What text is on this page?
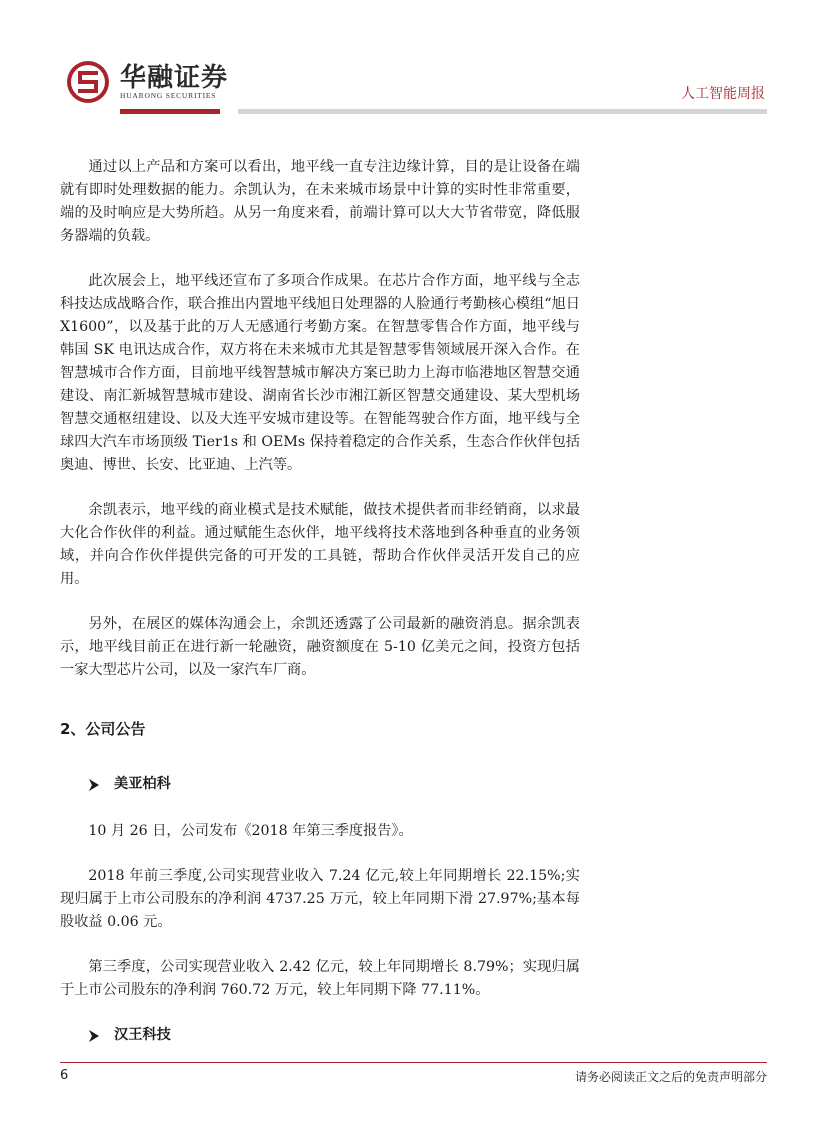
华融证券
HUARONG SECURITIES	人工智能周报

通过以上产品和方案可以看出，地平线一直专注边缘计算，目的是让设备在端就有即时处理数据的能力。余凯认为，在未来城市场景中计算的实时性非常重要，端的及时响应是大势所趋。从另一角度来看，前端计算可以大大节省带宽，降低服务器端的负载。

此次展会上，地平线还宣布了多项合作成果。在芯片合作方面，地平线与全志科技达成战略合作，联合推出内置地平线旭日处理器的人脸通行考勤核心模组“旭日 X1600”，以及基于此的万人无感通行考勤方案。在智慧零售合作方面，地平线与韩国 SK 电讯达成合作，双方将在未来城市尤其是智慧零售领域展开深入合作。在智慧城市合作方面，目前地平线智慧城市解决方案已助力上海市临港地区智慧交通建设、南汇新城智慧城市建设、湖南省长沙市湘江新区智慧交通建设、某大型机场智慧交通枢纽建设、以及大连平安城市建设等。在智能驾驶合作方面，地平线与全球四大汽车市场顶级 Tier1s 和 OEMs 保持着稳定的合作关系，生态合作伙伴包括奥迪、博世、长安、比亚迪、上汽等。

余凯表示，地平线的商业模式是技术赋能，做技术提供者而非经销商，以求最大化合作伙伴的利益。通过赋能生态伙伴，地平线将技术落地到各种垂直的业务领域，并向合作伙伴提供完备的可开发的工具链，帮助合作伙伴灵活开发自己的应用。

另外，在展区的媒体沟通会上，余凯还透露了公司最新的融资消息。据余凯表示，地平线目前正在进行新一轮融资，融资额度在 5-10 亿美元之间，投资方包括一家大型芯片公司，以及一家汽车厂商。

2、公司公告
美亚柏科

10 月 26 日，公司发布《2018 年第三季度报告》。

2018 年前三季度,公司实现营业收入 7.24 亿元,较上年同期增长 22.15%;实现归属于上市公司股东的净利润 4737.25 万元，较上年同期下滑 27.97%;基本每股收益 0.06 元。

第三季度，公司实现营业收入 2.42 亿元，较上年同期增长 8.79%；实现归属于上市公司股东的净利润 760.72 万元，较上年同期下降 77.11%。

汉王科技
6	请务必阅读正文之后的免责声明部分
